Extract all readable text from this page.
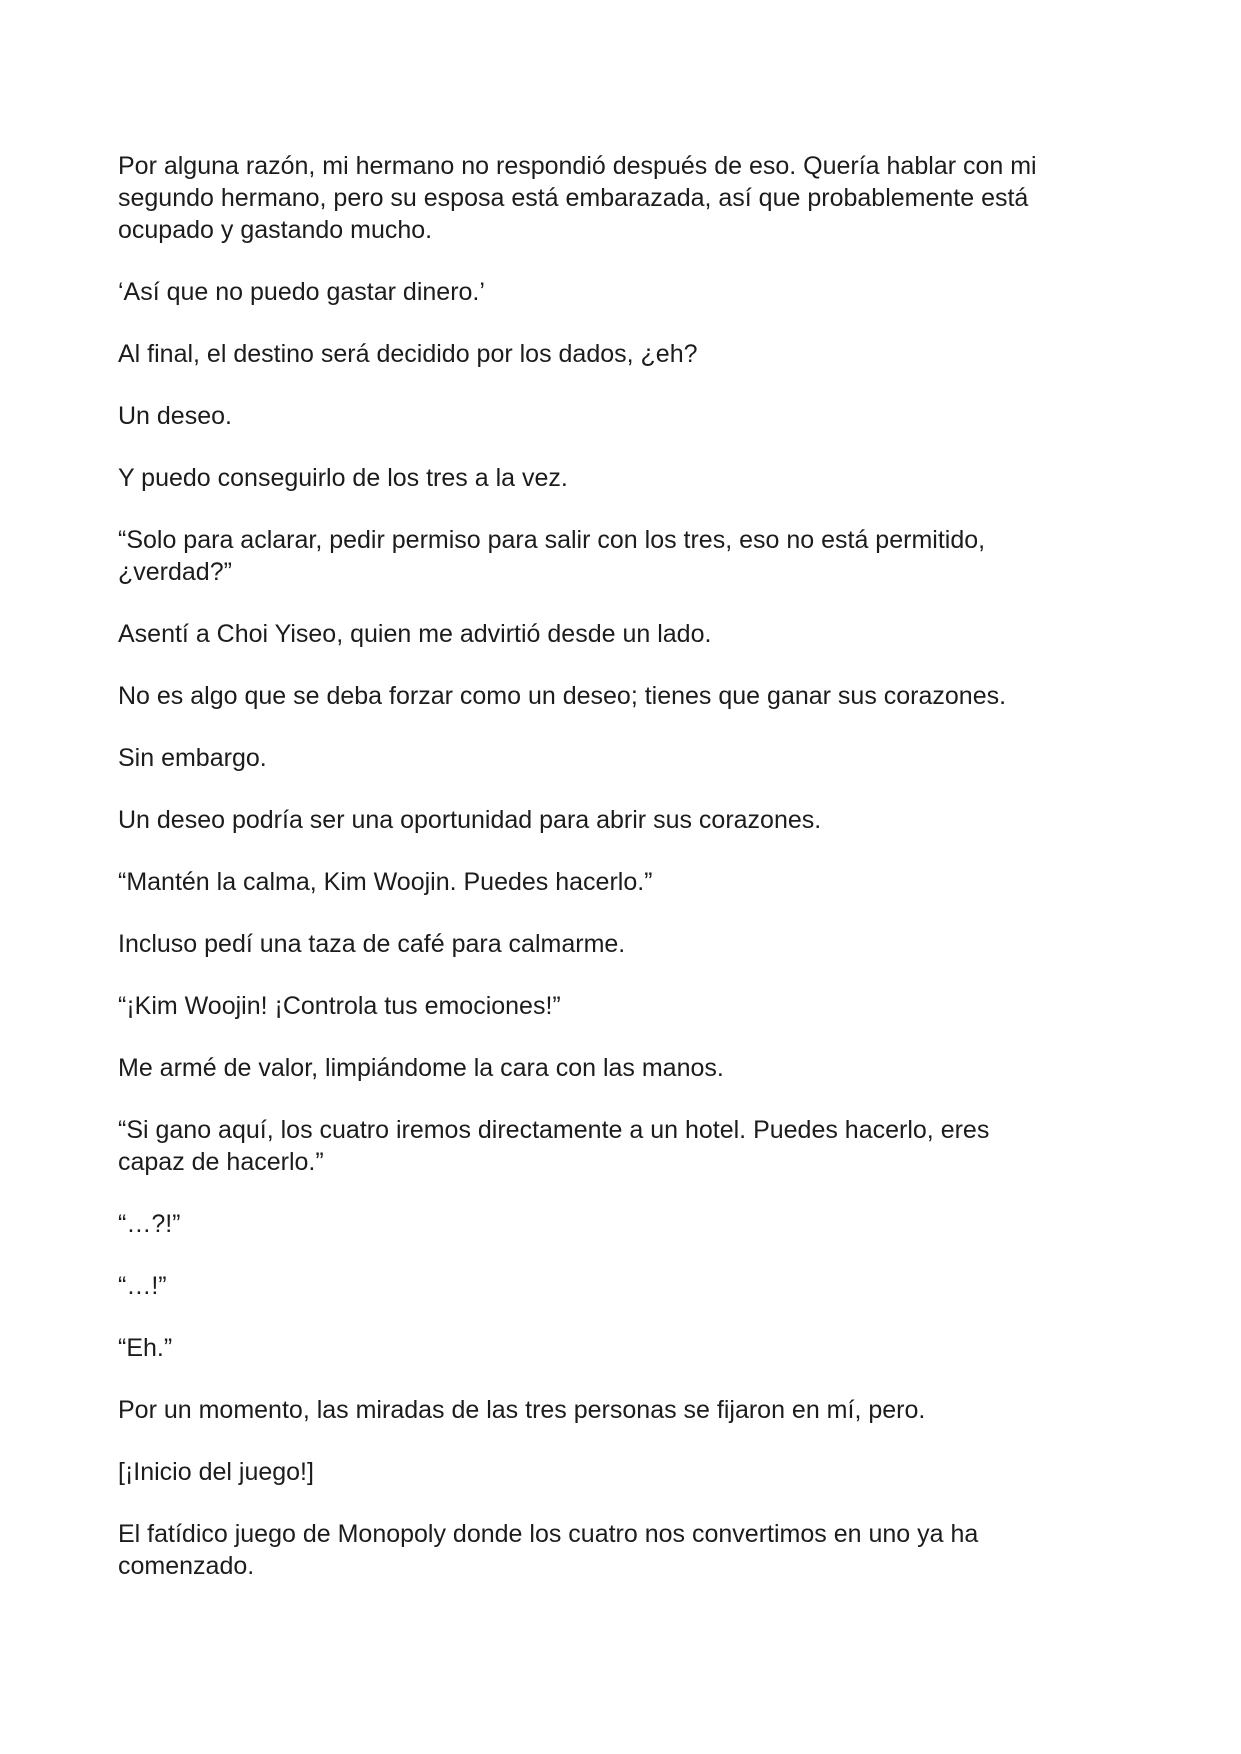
Por alguna razón, mi hermano no respondió después de eso. Quería hablar con mi
segundo hermano, pero su esposa está embarazada, así que probablemente está
ocupado y gastando mucho.

‘Así que no puedo gastar dinero.’

Al final, el destino será decidido por los dados, ¿eh?

Un deseo.

Y puedo conseguirlo de los tres a la vez.

“Solo para aclarar, pedir permiso para salir con los tres, eso no está permitido,
¿verdad?”

Asentí a Choi Yiseo, quien me advirtió desde un lado.

No es algo que se deba forzar como un deseo; tienes que ganar sus corazones.

Sin embargo.

Un deseo podría ser una oportunidad para abrir sus corazones.

“Mantén la calma, Kim Woojin. Puedes hacerlo.”

Incluso pedí una taza de café para calmarme.

“¡Kim Woojin! ¡Controla tus emociones!”

Me armé de valor, limpiándome la cara con las manos.

“Si gano aquí, los cuatro iremos directamente a un hotel. Puedes hacerlo, eres
capaz de hacerlo.”

“…?!”

“…!”

“Eh.”

Por un momento, las miradas de las tres personas se fijaron en mí, pero.

[¡Inicio del juego!]

El fatídico juego de Monopoly donde los cuatro nos convertimos en uno ya ha
comenzado.
